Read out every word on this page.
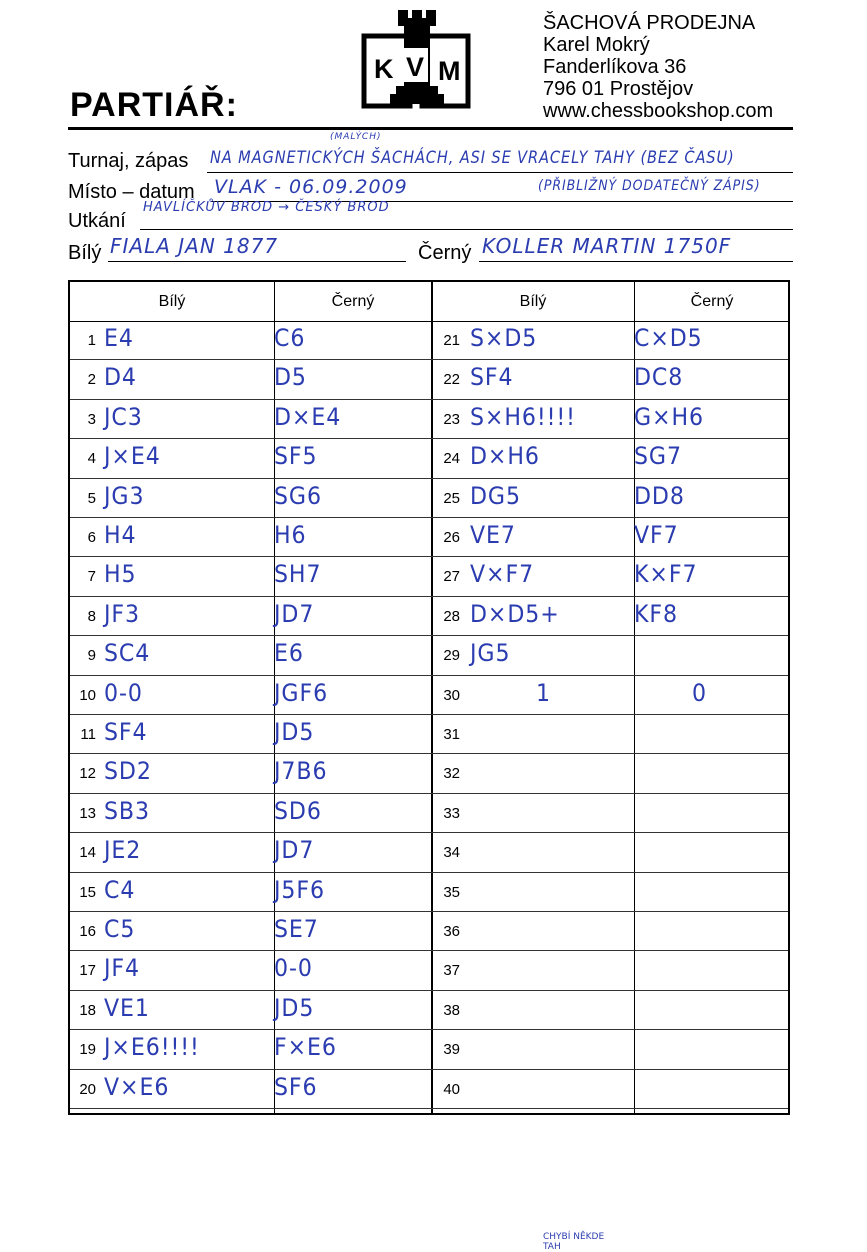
PARTIÁŘ:
K V M
ŠACHOVÁ PRODEJNA
Karel Mokrý
Fanderlíkova 36
796 01 Prostějov
www.chessbookshop.com
Turnaj, zápas NA MAGNETICKÝCH ŠACHÁCH, ASI SE VRACELY TAHY (BEZ ČASU)
(MALÝCH)
Místo – datum VLAK - 06.09.2009	(PŘIBLIŽNÝ DODATEČNÝ ZÁPIS)
Utkání
HAVLÍČKŮV BROD → ČESKÝ BROD
Bílý FIALA JAN 1877	Černý KOLLER MARTIN 1750F
Bílý	Černý	Bílý	Černý
1 E4	C6
2 D4	D5
3 JC3	D×E4
4 J×E4	SF5
5 JG3	SG6
6 H4	H6
7 H5	SH7
8 JF3	JD7
9 SC4	E6
10 0-0	JGF6
11 SF4	JD5
12 SD2	J7B6
13 SB3	SD6
14 JE2	JD7
15 C4	J5F6
16 C5	SE7
17 JF4	0-0
18 VE1	JD5
19 J×E6!!!!	F×E6
20 V×E6	SF6
21 S×D5	C×D5
22 SF4	DC8
23 S×H6!!!! G×H6
24 D×H6	SG7
25 DG5	DD8
26 VE7	VF7
27 V×F7	K×F7
28 D×D5+	KF8
29 JG5
30	1	0
31
32
33
34
35
36
37
38
39
40
CHYBÍ NĚKDE TAH
